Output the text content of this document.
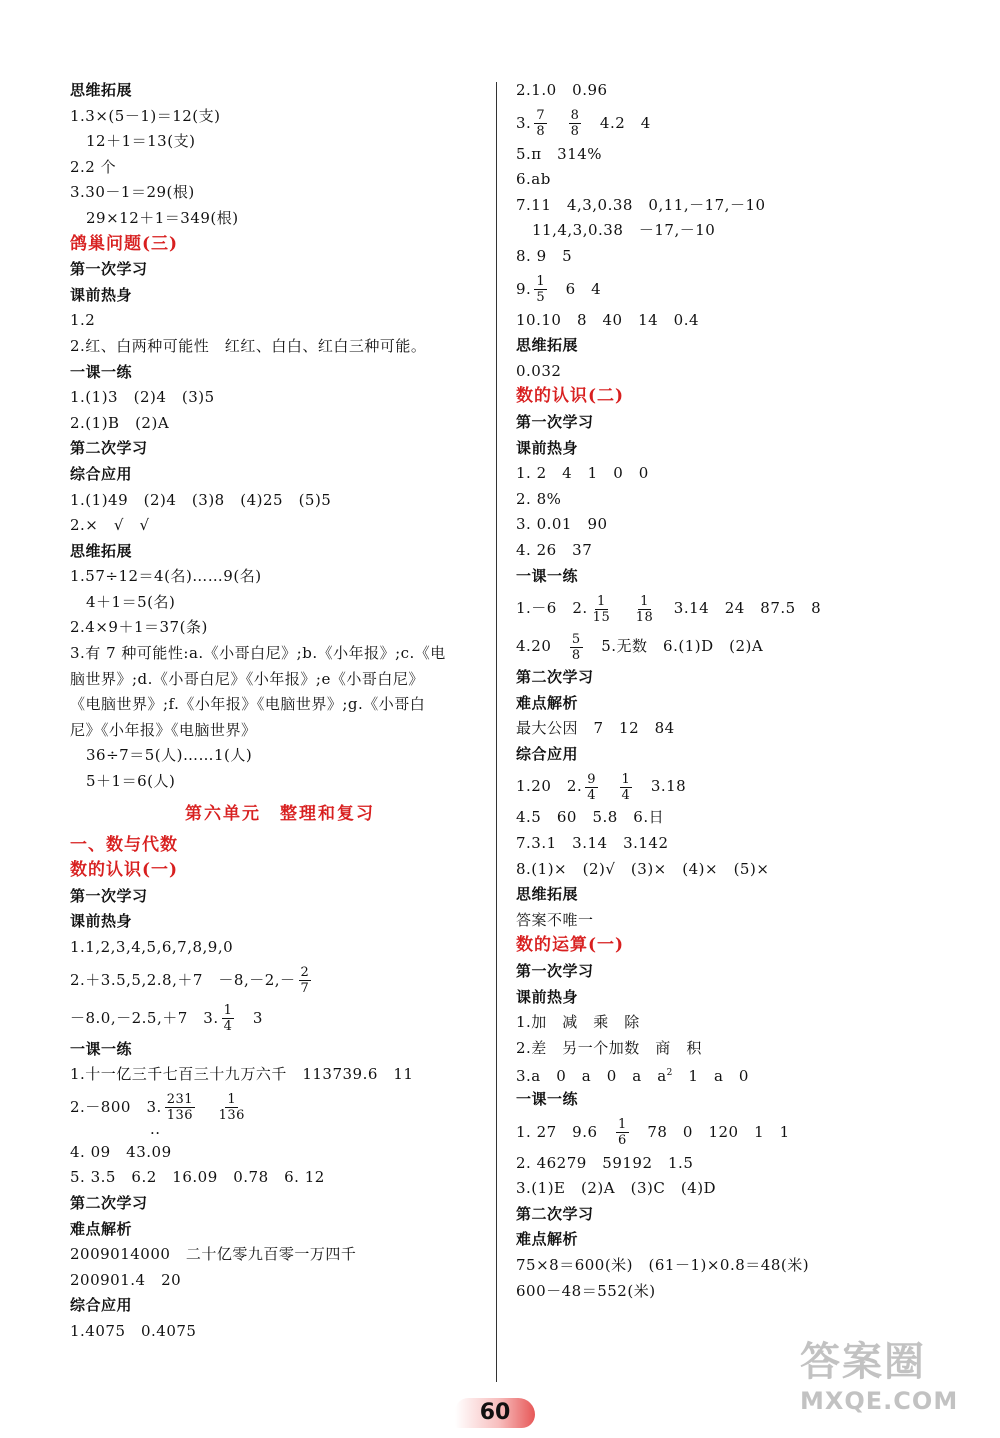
思维拓展
1.3×(5－1)＝12(支)
12＋1＝13(支)
2.2 个
3.30－1＝29(根)
29×12＋1＝349(根)
鸽巢问题(三)
第一次学习
课前热身
1.2
2.红、白两种可能性　红红、白白、红白三种可能。
一课一练
1.(1)3　(2)4　(3)5
2.(1)B　(2)A
第二次学习
综合应用
1.(1)49　(2)4　(3)8　(4)25　(5)5
2.×　√　√
思维拓展
1.57÷12＝4(名)……9(名)
4＋1＝5(名)
2.4×9＋1＝37(条)
3.有 7 种可能性:a.《小哥白尼》;b.《小年报》;c.《电
脑世界》;d.《小哥白尼》《小年报》;e《小哥白尼》
《电脑世界》;f.《小年报》《电脑世界》;g.《小哥白
尼》《小年报》《电脑世界》
36÷7＝5(人)……1(人)
5＋1＝6(人)
第六单元　整理和复习
一、数与代数
数的认识(一)
第一次学习
课前热身
1.1,2,3,4,5,6,7,8,9,0
2.＋3.5,5,2.8,＋7　$-8,-2,- \frac{2}{7}$
－8.0,－2.5,＋7　3. $\frac{1}{4}$
　 3
一课一练
1.十一亿三千七百三十九万六千　113739.6　11
2.－800　3. $\frac{231}{136}$
　 $\frac{1}{136}$
··
4. 09　43.09
5. 3.5　6.2　16.09　0.78　6. 12
第二次学习
难点解析
2009014000　二十亿零九百零一万四千
200901.4　20
综合应用
1.4075　0.4075
2.1.0　0.96
3. $\frac{7}{8}$
　 $\frac{8}{8}$
　 4.2　4
5.π　314%
6.ab
7.11　4,3,0.38　0,11,－17,－10
11,4,3,0.38　－17,－10
8. 9　5
9. $\frac{1}{5}$
　 6　4
10.10　8　40　14　0.4
思维拓展
0.032
数的认识(二)
第一次学习
课前热身
1. 2　4　1　0　0
2. 8%
3. 0.01　90
4. 26　37
一课一练
1.－6　2. $\frac{1}{15}$
　 $\frac{1}{18}$
　 3.14　24　87.5　8
4.20　 $\frac{5}{8}$
　 5.无数　6.(1)D　(2)A
第二次学习
难点解析
最大公因　7　12　84
综合应用
1.20　2. $\frac{9}{4}$
　 $\frac{1}{4}$
　 3.18
4.5　60　5.8　6.日
7.3.1　3.14　3.142
8.(1)×　(2)√　(3)×　(4)×　(5)×
思维拓展
答案不唯一
数的运算(一)
第一次学习
课前热身
1.加　减　乘　除
2.差　另一个加数　商　积
3.a　0　a　0　a　$a^2$　1　a　0
一课一练
1. 27　9.6　 $\frac{1}{6}$
　 78　0　120　1　1
2. 46279　59192　1.5
3.(1)E　(2)A　(3)C　(4)D
第二次学习
难点解析
75×8＝600(米)　(61－1)×0.8＝48(米)
600－48＝552(米)
60
答案圈
MXQE.COM
